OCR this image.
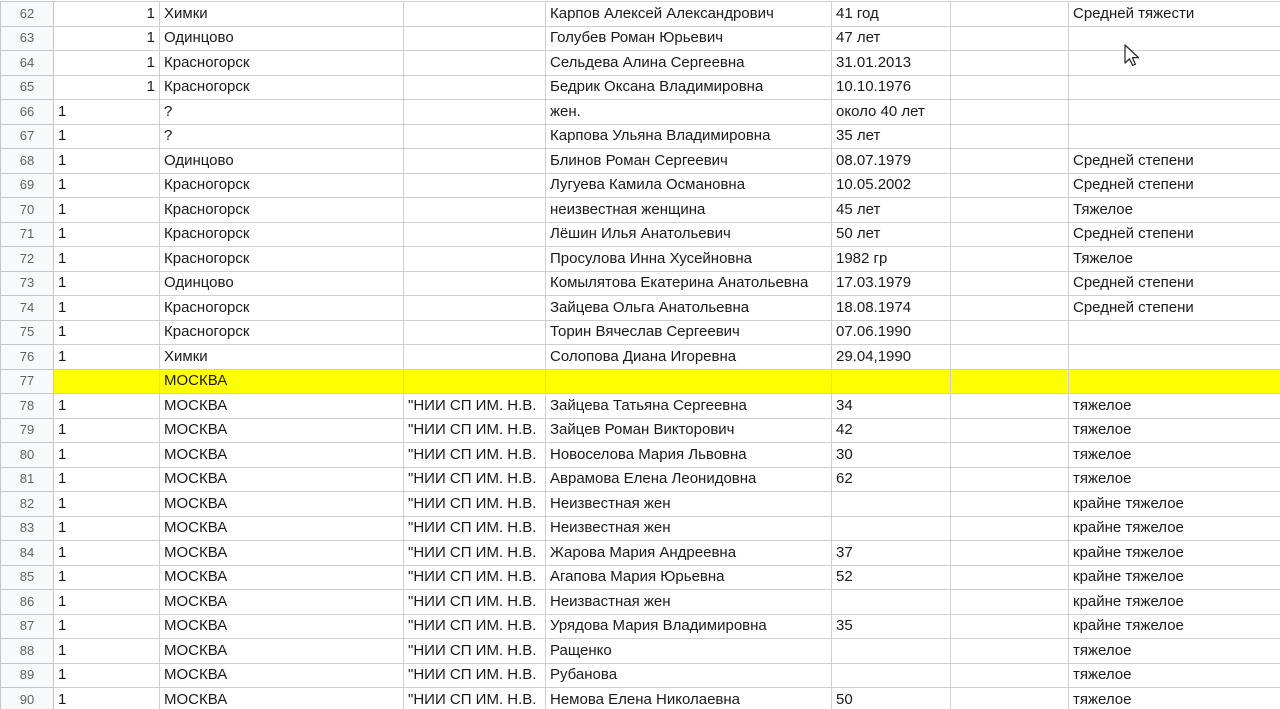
62	1	Химки		Карпов Алексей Александрович	41 год		Средней тяжести
63	1	Одинцово		Голубев Роман Юрьевич	47 лет		
64	1	Красногорск		Сельдева Алина Сергеевна	31.01.2013		
65	1	Красногорск		Бедрик Оксана Владимировна	10.10.1976		
66	1	?		жен.	около 40 лет		
67	1	?		Карпова Ульяна Владимировна	35 лет		
68	1	Одинцово		Блинов Роман Сергеевич	08.07.1979		Средней степени
69	1	Красногорск		Лугуева Камила Османовна	10.05.2002		Средней степени
70	1	Красногорск		неизвестная женщина	45 лет		Тяжелое
71	1	Красногорск		Лёшин Илья Анатольевич	50 лет		Средней степени
72	1	Красногорск		Просулова Инна Хусейновна	1982 гр		Тяжелое
73	1	Одинцово		Комылятова Екатерина Анатольевна	17.03.1979		Средней степени
74	1	Красногорск		Зайцева Ольга Анатольевна	18.08.1974		Средней степени
75	1	Красногорск		Торин Вячеслав Сергеевич	07.06.1990		
76	1	Химки		Солопова Диана Игоревна	29.04,1990		
77		МОСКВА					
78	1	МОСКВА	"НИИ СП ИМ. Н.В.	Зайцева Татьяна Сергеевна	34		тяжелое
79	1	МОСКВА	"НИИ СП ИМ. Н.В.	Зайцев Роман Викторович	42		тяжелое
80	1	МОСКВА	"НИИ СП ИМ. Н.В.	Новоселова Мария Львовна	30		тяжелое
81	1	МОСКВА	"НИИ СП ИМ. Н.В.	Аврамова Елена Леонидовна	62		тяжелое
82	1	МОСКВА	"НИИ СП ИМ. Н.В.	Неизвестная жен			крайне тяжелое
83	1	МОСКВА	"НИИ СП ИМ. Н.В.	Неизвестная жен			крайне тяжелое
84	1	МОСКВА	"НИИ СП ИМ. Н.В.	Жарова Мария Андреевна	37		крайне тяжелое
85	1	МОСКВА	"НИИ СП ИМ. Н.В.	Агапова Мария Юрьевна	52		крайне тяжелое
86	1	МОСКВА	"НИИ СП ИМ. Н.В.	Неизвастная жен			крайне тяжелое
87	1	МОСКВА	"НИИ СП ИМ. Н.В.	Урядова Мария Владимировна	35		крайне тяжелое
88	1	МОСКВА	"НИИ СП ИМ. Н.В.	Ращенко			тяжелое
89	1	МОСКВА	"НИИ СП ИМ. Н.В.	Рубанова			тяжелое
90	1	МОСКВА	"НИИ СП ИМ. Н.В.	Немова Елена Николаевна	50		тяжелое
